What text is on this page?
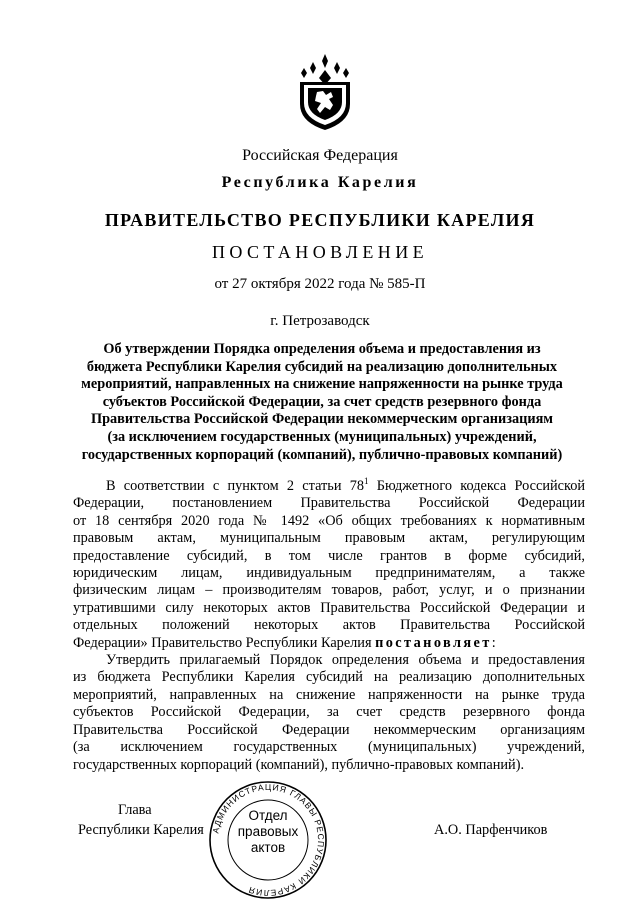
Российская Федерация
Республика Карелия
ПРАВИТЕЛЬСТВО РЕСПУБЛИКИ КАРЕЛИЯ
ПОСТАНОВЛЕНИЕ
от 27 октября 2022 года № 585-П
г. Петрозаводск
Об утверждении Порядка определения объема и предоставления из
бюджета Республики Карелия субсидий на реализацию дополнительных
мероприятий, направленных на снижение напряженности на рынке труда
субъектов Российской Федерации, за счет средств резервного фонда
Правительства Российской Федерации некоммерческим организациям
(за исключением государственных (муниципальных) учреждений,
государственных корпораций (компаний), публично-правовых компаний)
В соответствии с пунктом 2 статьи $78^1$ Бюджетного кодекса Российской
Федерации, постановлением Правительства Российской Федерации
от 18 сентября 2020 года № 1492 «Об общих требованиях к нормативным
правовым актам, муниципальным правовым актам, регулирующим
предоставление субсидий, в том числе грантов в форме субсидий,
юридическим лицам, индивидуальным предпринимателям, а также
физическим лицам – производителям товаров, работ, услуг, и о признании
утратившими силу некоторых актов Правительства Российской Федерации и
отдельных положений некоторых актов Правительства Российской
Федерации» Правительство Республики Карелия постановляет:
Утвердить прилагаемый Порядок определения объема и предоставления
из бюджета Республики Карелия субсидий на реализацию дополнительных
мероприятий, направленных на снижение напряженности на рынке труда
субъектов Российской Федерации, за счет средств резервного фонда
Правительства Российской Федерации некоммерческим организациям
(за исключением государственных (муниципальных) учреждений,
государственных корпораций (компаний), публично-правовых компаний).
АДМИНИСТРАЦИЯ ГЛАВЫ РЕСПУБЛИКИ КАРЕЛИЯ
Отдел
правовых
актов
Глава
Республики Карелия	А.О. Парфенчиков
